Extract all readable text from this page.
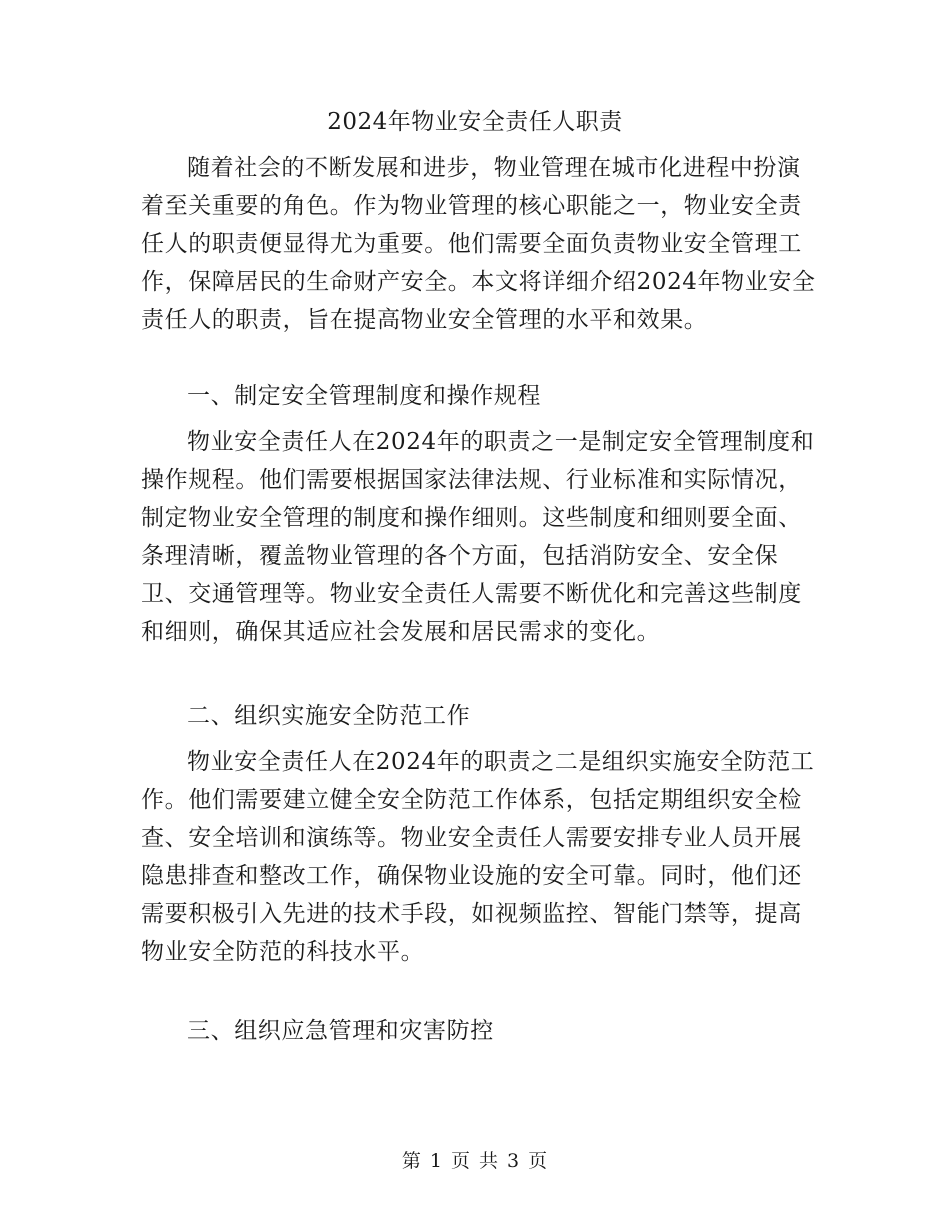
2024年物业安全责任人职责

随着社会的不断发展和进步，物业管理在城市化进程中扮演
着至关重要的角色。作为物业管理的核心职能之一，物业安全责
任人的职责便显得尤为重要。他们需要全面负责物业安全管理工
作，保障居民的生命财产安全。本文将详细介绍2024年物业安全
责任人的职责，旨在提高物业安全管理的水平和效果。

一、制定安全管理制度和操作规程

物业安全责任人在2024年的职责之一是制定安全管理制度和
操作规程。他们需要根据国家法律法规、行业标准和实际情况，
制定物业安全管理的制度和操作细则。这些制度和细则要全面、
条理清晰，覆盖物业管理的各个方面，包括消防安全、安全保
卫、交通管理等。物业安全责任人需要不断优化和完善这些制度
和细则，确保其适应社会发展和居民需求的变化。

二、组织实施安全防范工作

物业安全责任人在2024年的职责之二是组织实施安全防范工
作。他们需要建立健全安全防范工作体系，包括定期组织安全检
查、安全培训和演练等。物业安全责任人需要安排专业人员开展
隐患排查和整改工作，确保物业设施的安全可靠。同时，他们还
需要积极引入先进的技术手段，如视频监控、智能门禁等，提高
物业安全防范的科技水平。

三、组织应急管理和灾害防控
第 1 页 共 3 页
